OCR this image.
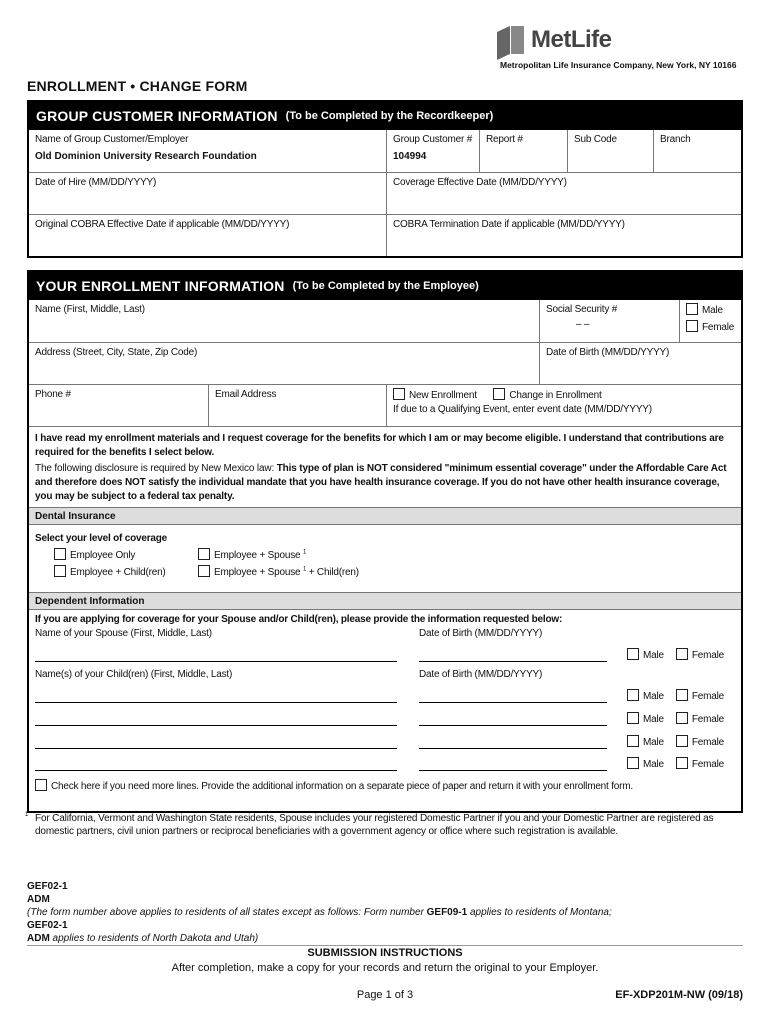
MetLife
Metropolitan Life Insurance Company, New York, NY 10166
ENROLLMENT • CHANGE FORM
GROUP CUSTOMER INFORMATION (To be Completed by the Recordkeeper)
Name of Group Customer/Employer
Old Dominion University Research Foundation
Group Customer #
104994
Report #	Sub Code	Branch
Date of Hire (MM/DD/YYYY)	Coverage Effective Date (MM/DD/YYYY)
Original COBRA Effective Date if applicable (MM/DD/YYYY)	COBRA Termination Date if applicable (MM/DD/YYYY)
YOUR ENROLLMENT INFORMATION (To be Completed by the Employee)
Name (First, Middle, Last)	Social Security #
– –
Male
Female
Address (Street, City, State, Zip Code)	Date of Birth (MM/DD/YYYY)
Phone #	Email Address	New Enrollment	Change in Enrollment
If due to a Qualifying Event, enter event date (MM/DD/YYYY)
I have read my enrollment materials and I request coverage for the benefits for which I am or may become eligible. I understand that contributions are required for the benefits I select below.
The following disclosure is required by New Mexico law: This type of plan is NOT considered "minimum essential coverage" under the Affordable Care Act and therefore does NOT satisfy the individual mandate that you have health insurance coverage. If you do not have other health insurance coverage, you may be subject to a federal tax penalty.
Dental Insurance
Select your level of coverage
Employee Only
Employee + Child(ren)
Employee + Spouse $^1$
Employee + Spouse $^1$ + Child(ren)
Dependent Information
If you are applying for coverage for your Spouse and/or Child(ren), please provide the information requested below:
Name of your Spouse (First, Middle, Last)	Date of Birth (MM/DD/YYYY)
Male	Female
Name(s) of your Child(ren) (First, Middle, Last)	Date of Birth (MM/DD/YYYY)
Male	Female
Male	Female
Male	Female
Male	Female
Check here if you need more lines. Provide the additional information on a separate piece of paper and return it with your enrollment form.
1 For California, Vermont and Washington State residents, Spouse includes your registered Domestic Partner if you and your Domestic Partner are registered as domestic partners, civil union partners or reciprocal beneficiaries with a government agency or office where such registration is available.
GEF02-1
ADM
(The form number above applies to residents of all states except as follows: Form number GEF09-1 applies to residents of Montana;
GEF02-1
ADM applies to residents of North Dakota and Utah)
SUBMISSION INSTRUCTIONS
After completion, make a copy for your records and return the original to your Employer.
Page 1 of 3	EF-XDP201M-NW (09/18)
